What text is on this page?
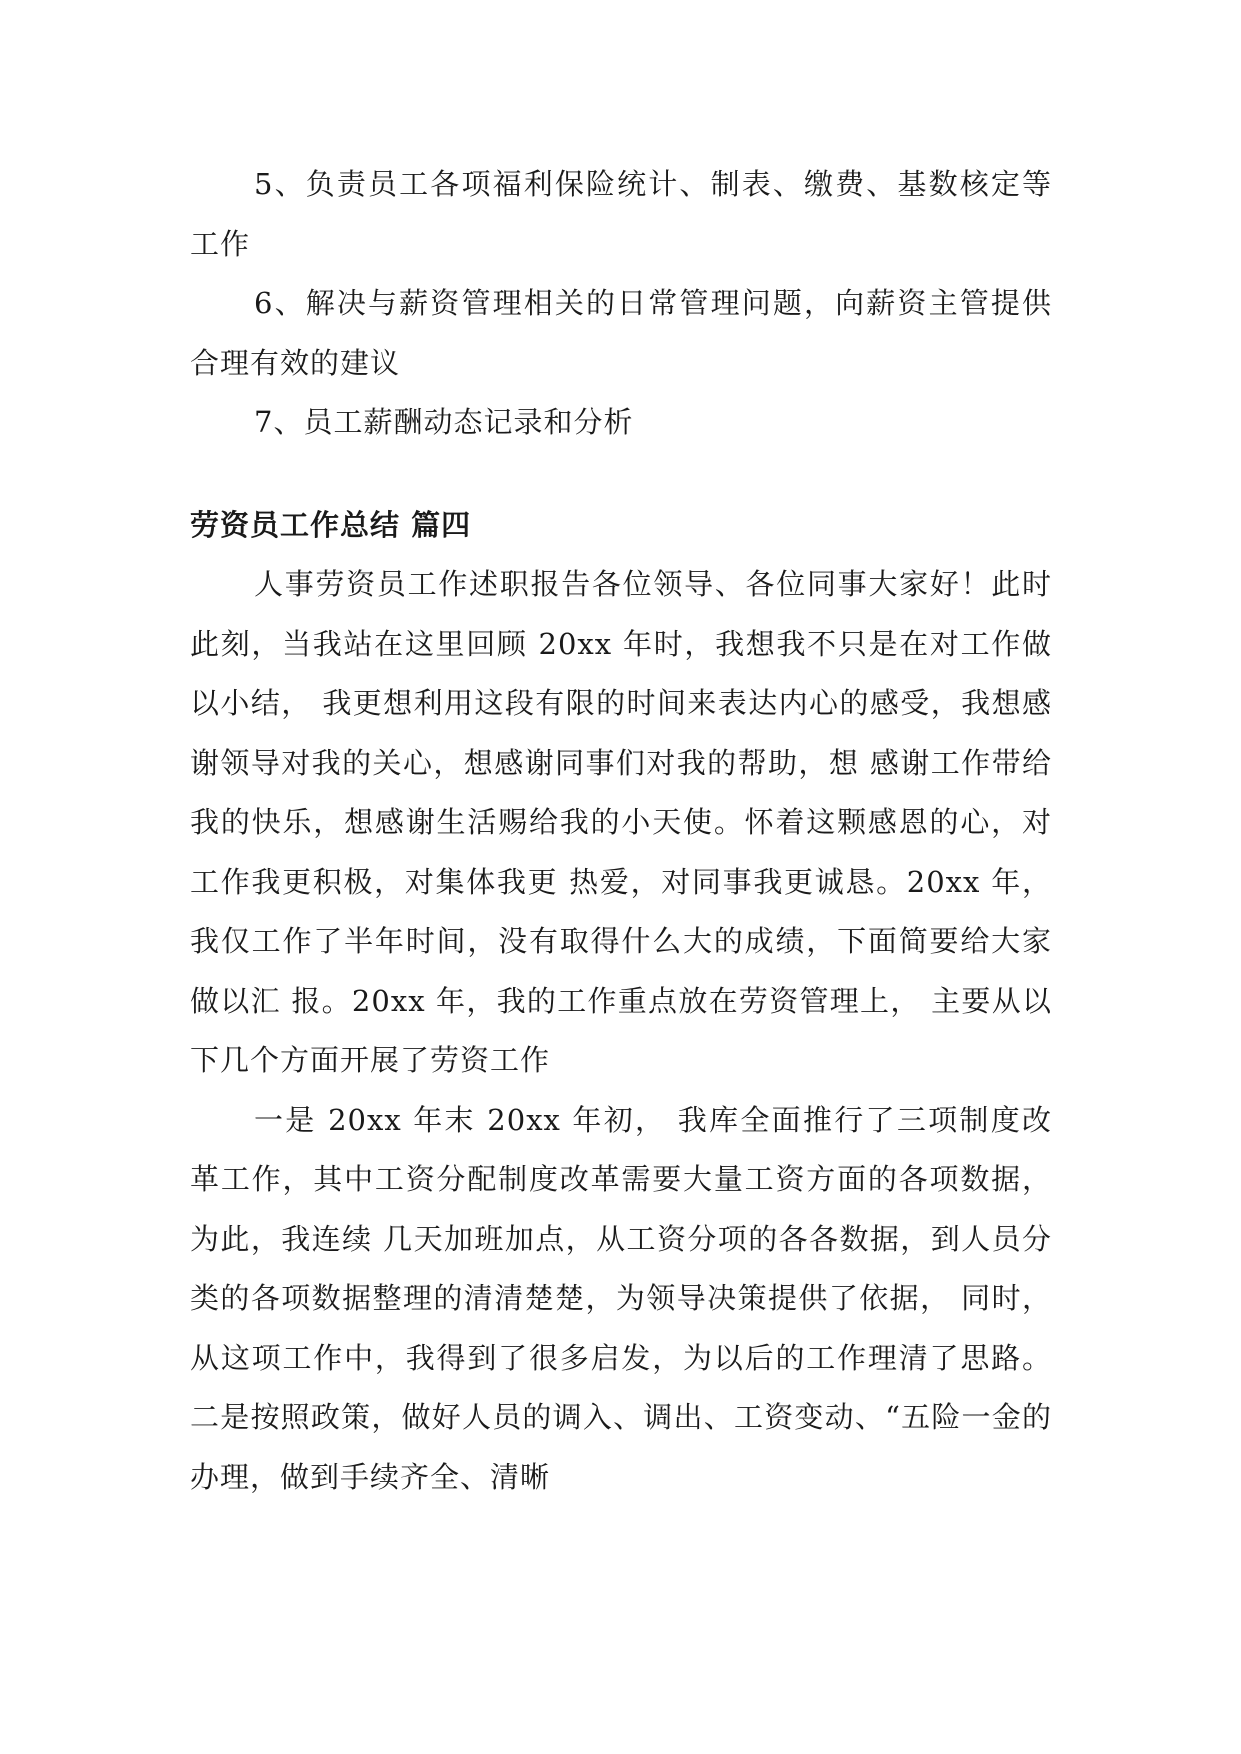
5、负责员工各项福利保险统计、制表、缴费、基数核定等工作

6、解决与薪资管理相关的日常管理问题，向薪资主管提供合理有效的建议

7、员工薪酬动态记录和分析

劳资员工作总结 篇四

人事劳资员工作述职报告各位领导、各位同事大家好！此时此刻，当我站在这里回顾 20xx 年时，我想我不只是在对工作做以小结， 我更想利用这段有限的时间来表达内心的感受，我想感谢领导对我的关心，想感谢同事们对我的帮助，想 感谢工作带给我的快乐，想感谢生活赐给我的小天使。怀着这颗感恩的心，对工作我更积极，对集体我更 热爱，对同事我更诚恳。20xx 年，我仅工作了半年时间，没有取得什么大的成绩，下面简要给大家做以汇 报。20xx 年，我的工作重点放在劳资管理上， 主要从以下几个方面开展了劳资工作

一是 20xx 年末 20xx 年初， 我库全面推行了三项制度改革工作，其中工资分配制度改革需要大量工资方面的各项数据，为此，我连续 几天加班加点，从工资分项的各各数据，到人员分类的各项数据整理的清清楚楚，为领导决策提供了依据， 同时，从这项工作中，我得到了很多启发，为以后的工作理清了思路。二是按照政策，做好人员的调入、调出、工资变动、“五险一金的办理，做到手续齐全、清晰
